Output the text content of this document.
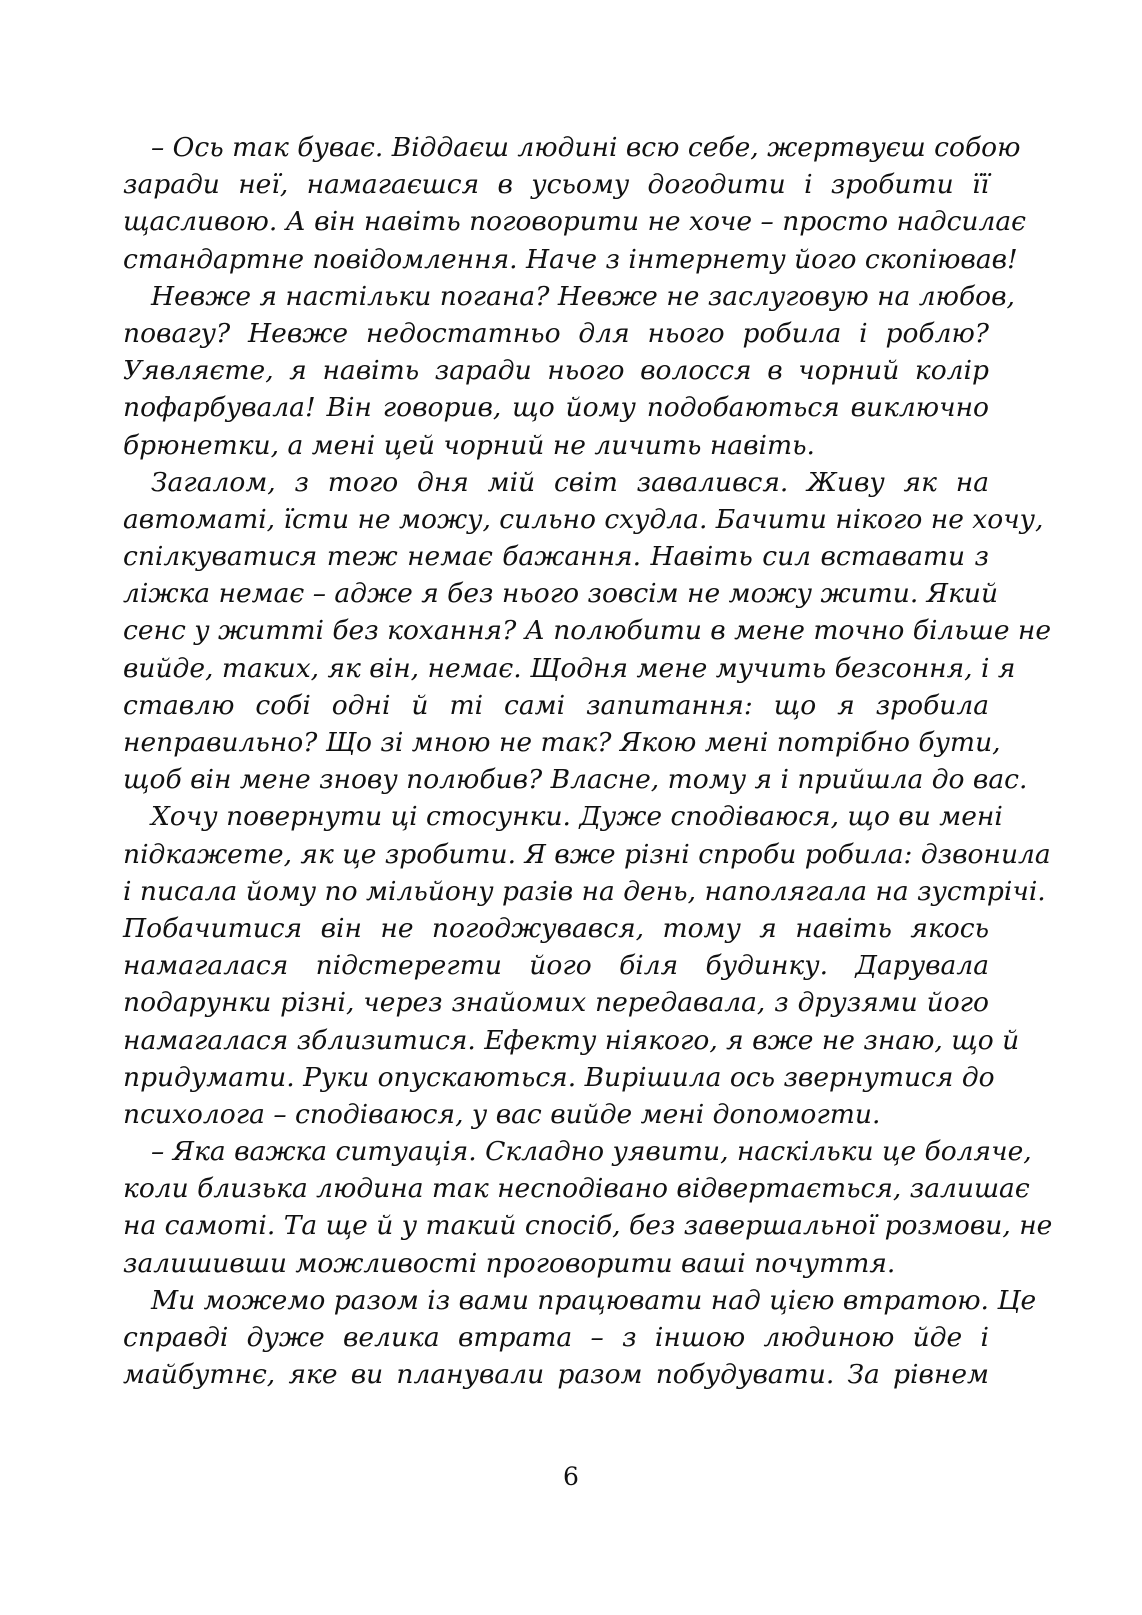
– Ось так буває. Віддаєш людині всю себе, жертвуєш собою
заради неї, намагаєшся в усьому догодити і зробити її
щасливою. А він навіть поговорити не хоче – просто надсилає
стандартне повідомлення. Наче з інтернету його скопіював!
Невже я настільки погана? Невже не заслуговую на любов,
повагу? Невже недостатньо для нього робила і роблю?
Уявляєте, я навіть заради нього волосся в чорний колір
пофарбувала! Він говорив, що йому подобаються виключно
брюнетки, а мені цей чорний не личить навіть.
Загалом, з того дня мій світ завалився. Живу як на
автоматі, їсти не можу, сильно схудла. Бачити нікого не хочу,
спілкуватися теж немає бажання. Навіть сил вставати з
ліжка немає – адже я без нього зовсім не можу жити. Який
сенс у житті без кохання? А полюбити в мене точно більше не
вийде, таких, як він, немає. Щодня мене мучить безсоння, і я
ставлю собі одні й ті самі запитання: що я зробила
неправильно? Що зі мною не так? Якою мені потрібно бути,
щоб він мене знову полюбив? Власне, тому я і прийшла до вас.
Хочу повернути ці стосунки. Дуже сподіваюся, що ви мені
підкажете, як це зробити. Я вже різні спроби робила: дзвонила
і писала йому по мільйону разів на день, наполягала на зустрічі.
Побачитися він не погоджувався, тому я навіть якось
намагалася підстерегти його біля будинку. Дарувала
подарунки різні, через знайомих передавала, з друзями його
намагалася зблизитися. Ефекту ніякого, я вже не знаю, що й
придумати. Руки опускаються. Вирішила ось звернутися до
психолога – сподіваюся, у вас вийде мені допомогти.
– Яка важка ситуація. Складно уявити, наскільки це боляче,
коли близька людина так несподівано відвертається, залишає
на самоті. Та ще й у такий спосіб, без завершальної розмови, не
залишивши можливості проговорити ваші почуття.
Ми можемо разом із вами працювати над цією втратою. Це
справді дуже велика втрата – з іншою людиною йде і
майбутнє, яке ви планували разом побудувати. За рівнем
6
